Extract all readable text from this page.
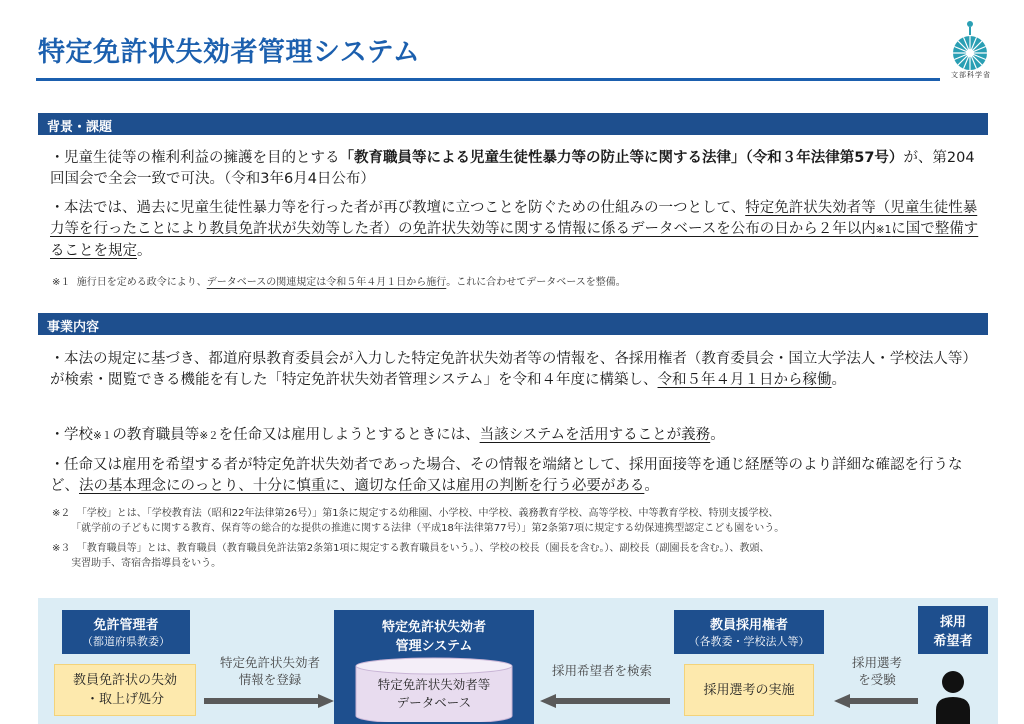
特定免許状失効者管理システム
文部科学省
背景・課題
・児童生徒等の権利利益の擁護を目的とする「教育職員等による児童生徒性暴力等の防止等に関する法律」（令和３年法律第57号）が、第204回国会で全会一致で可決。（令和3年6月4日公布）
・本法では、過去に児童生徒性暴力等を行った者が再び教壇に立つことを防ぐための仕組みの一つとして、特定免許状失効者等（児童生徒性暴力等を行ったことにより教員免許状が失効等した者）の免許状失効等に関する情報に係るデータベースを公布の日から２年以内※1に国で整備することを規定。
※１ 施行日を定める政令により、データベースの関連規定は令和５年４月１日から施行。これに合わせてデータベースを整備。
事業内容
・本法の規定に基づき、都道府県教育委員会が入力した特定免許状失効者等の情報を、各採用権者（教育委員会・国立大学法人・学校法人等）が検索・閲覧できる機能を有した「特定免許状失効者管理システム」を令和４年度に構築し、令和５年４月１日から稼働。
・学校※１の教育職員等※２を任命又は雇用しようとするときには、当該システムを活用することが義務。
・任命又は雇用を希望する者が特定免許状失効者であった場合、その情報を端緒として、採用面接等を通じ経歴等のより詳細な確認を行うなど、法の基本理念にのっとり、十分に慎重に、適切な任命又は雇用の判断を行う必要がある。
※２ 「学校」とは、「学校教育法（昭和22年法律第26号）」第1条に規定する幼稚園、小学校、中学校、義務教育学校、高等学校、中等教育学校、特別支援学校、
「就学前の子どもに関する教育、保育等の総合的な提供の推進に関する法律（平成18年法律第77号）」第2条第7項に規定する幼保連携型認定こども園をいう。
※３ 「教育職員等」とは、教育職員（教育職員免許法第2条第1項に規定する教育職員をいう。）、学校の校長（園長を含む。）、副校長（副園長を含む。）、教頭、
実習助手、寄宿舎指導員をいう。
免許管理者
（都道府県教委）
教員免許状の失効
・取上げ処分
特定免許状失効者
情報を登録
特定免許状失効者
管理システム
特定免許状失効者等
データベース
採用希望者を検索
教員採用権者
（各教委・学校法人等）
採用選考の実施
採用選考
を受験
採用
希望者
